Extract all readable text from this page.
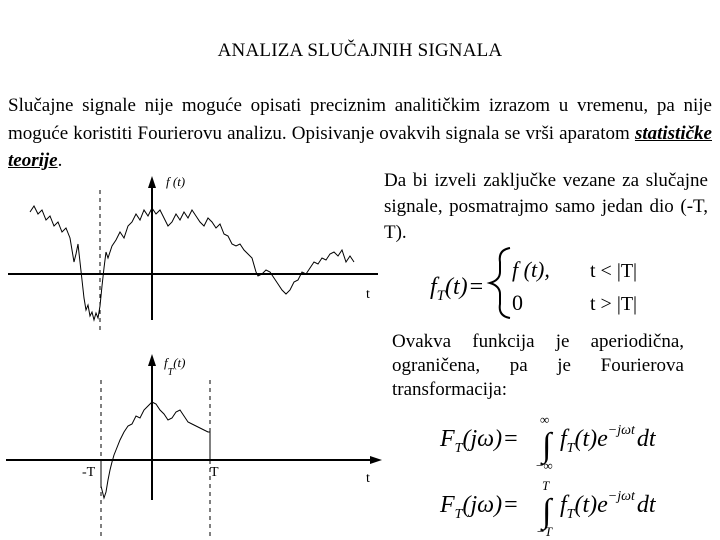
ANALIZA SLUČAJNIH SIGNALA
Slučajne signale nije moguće opisati preciznim analitičkim izrazom u vremenu, pa nije moguće koristiti Fourierovu analizu. Opisivanje ovakvih signala se vrši aparatom statističke teorije.
Da bi izveli zaključke vezane za slučajne signale, posmatrajmo samo jedan dio (-T, T).
Ovakva funkcija je aperiodična, ograničena, pa je Fourierova transformacija:
f (t)
t
·
$f_T(t)$
-T	T	t
$f_T(t)=$
f (t), t < |T|
0	t > |T|
$F_T(j\omega)=$
∞
∫
−∞
$f_T(t)e^{-j\omega t}dt$
$F_T(j\omega)=$
T
∫
−T
$f_T(t)e^{-j\omega t}dt$
